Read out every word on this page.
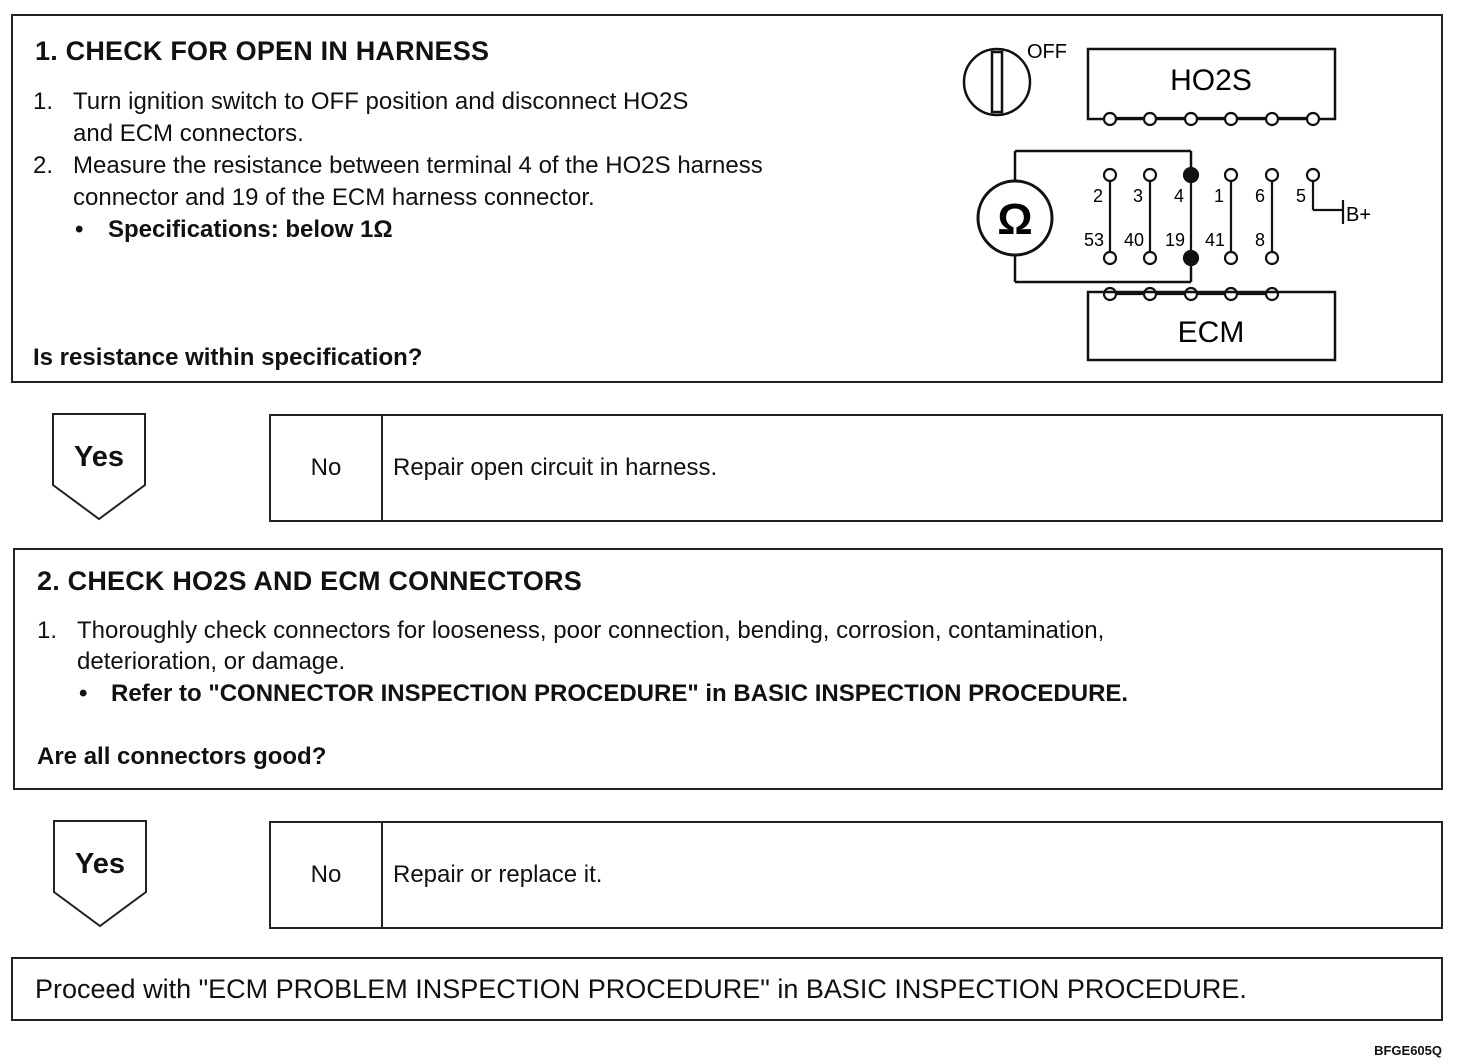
1. CHECK FOR OPEN IN HARNESS
1. Turn ignition switch to OFF position and disconnect HO2S
and ECM connectors.
2. Measure the resistance between terminal 4 of the HO2S harness
connector and 19 of the ECM harness connector.
• Specifications: below 1Ω
Is resistance within specification?
OFF
HO2S
Ω	2 3 4 1 6 5
B+
53 40 19 41 8
ECM
Yes	No	Repair open circuit in harness.
2. CHECK HO2S AND ECM CONNECTORS
1. Thoroughly check connectors for looseness, poor connection, bending, corrosion, contamination,
deterioration, or damage.
• Refer to "CONNECTOR INSPECTION PROCEDURE" in BASIC INSPECTION PROCEDURE.
Are all connectors good?
Yes	No	Repair or replace it.
Proceed with "ECM PROBLEM INSPECTION PROCEDURE" in BASIC INSPECTION PROCEDURE.
BFGE605Q
